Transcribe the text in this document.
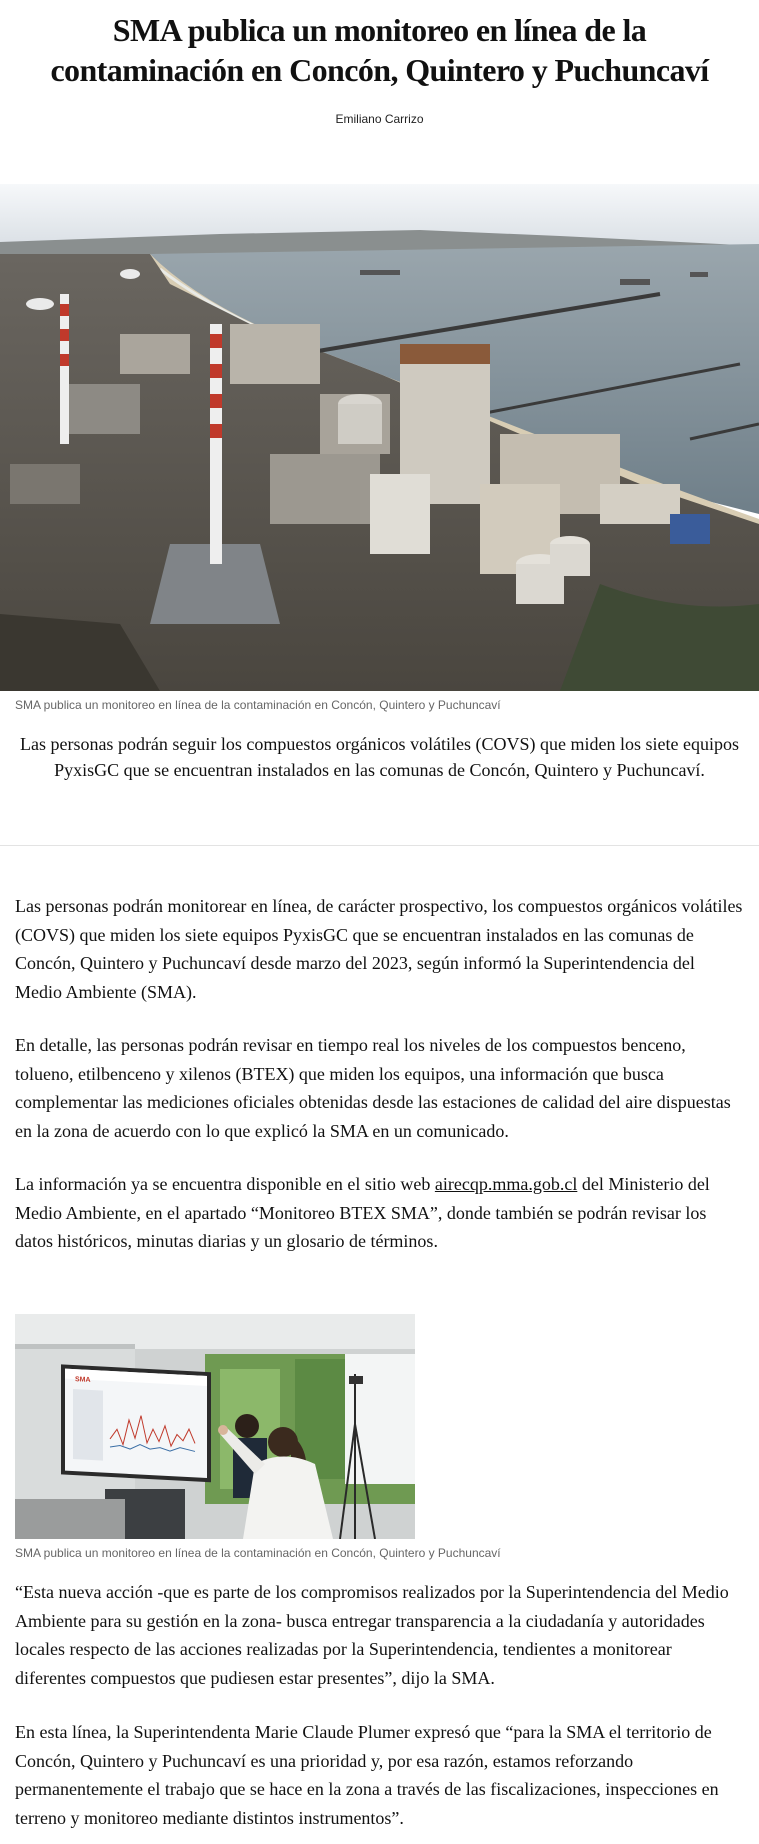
SMA publica un monitoreo en línea de la contaminación en Concón, Quintero y Puchuncaví
Emiliano Carrizo
SMA publica un monitoreo en línea de la contaminación en Concón, Quintero y Puchuncaví

Las personas podrán seguir los compuestos orgánicos volátiles (COVS) que miden los siete equipos PyxisGC que se encuentran instalados en las comunas de Concón, Quintero y Puchuncaví.

Las personas podrán monitorear en línea, de carácter prospectivo, los compuestos orgánicos volátiles (COVS) que miden los siete equipos PyxisGC que se encuentran instalados en las comunas de Concón, Quintero y Puchuncaví desde marzo del 2023, según informó la Superintendencia del Medio Ambiente (SMA).

En detalle, las personas podrán revisar en tiempo real los niveles de los compuestos benceno, tolueno, etilbenceno y xilenos (BTEX) que miden los equipos, una información que busca complementar las mediciones oficiales obtenidas desde las estaciones de calidad del aire dispuestas en la zona de acuerdo con lo que explicó la SMA en un comunicado.

La información ya se encuentra disponible en el sitio web airecqp.mma.gob.cl del Ministerio del Medio Ambiente, en el apartado “Monitoreo BTEX SMA”, donde también se podrán revisar los datos históricos, minutas diarias y un glosario de términos.

SMA
SMA publica un monitoreo en línea de la contaminación en Concón, Quintero y Puchuncaví

“Esta nueva acción -que es parte de los compromisos realizados por la Superintendencia del Medio Ambiente para su gestión en la zona- busca entregar transparencia a la ciudadanía y autoridades locales respecto de las acciones realizadas por la Superintendencia, tendientes a monitorear diferentes compuestos que pudiesen estar presentes”, dijo la SMA.

En esta línea, la Superintendenta Marie Claude Plumer expresó que “para la SMA el territorio de Concón, Quintero y Puchuncaví es una prioridad y, por esa razón, estamos reforzando permanentemente el trabajo que se hace en la zona a través de las fiscalizaciones, inspecciones en terreno y monitoreo mediante distintos instrumentos”.
